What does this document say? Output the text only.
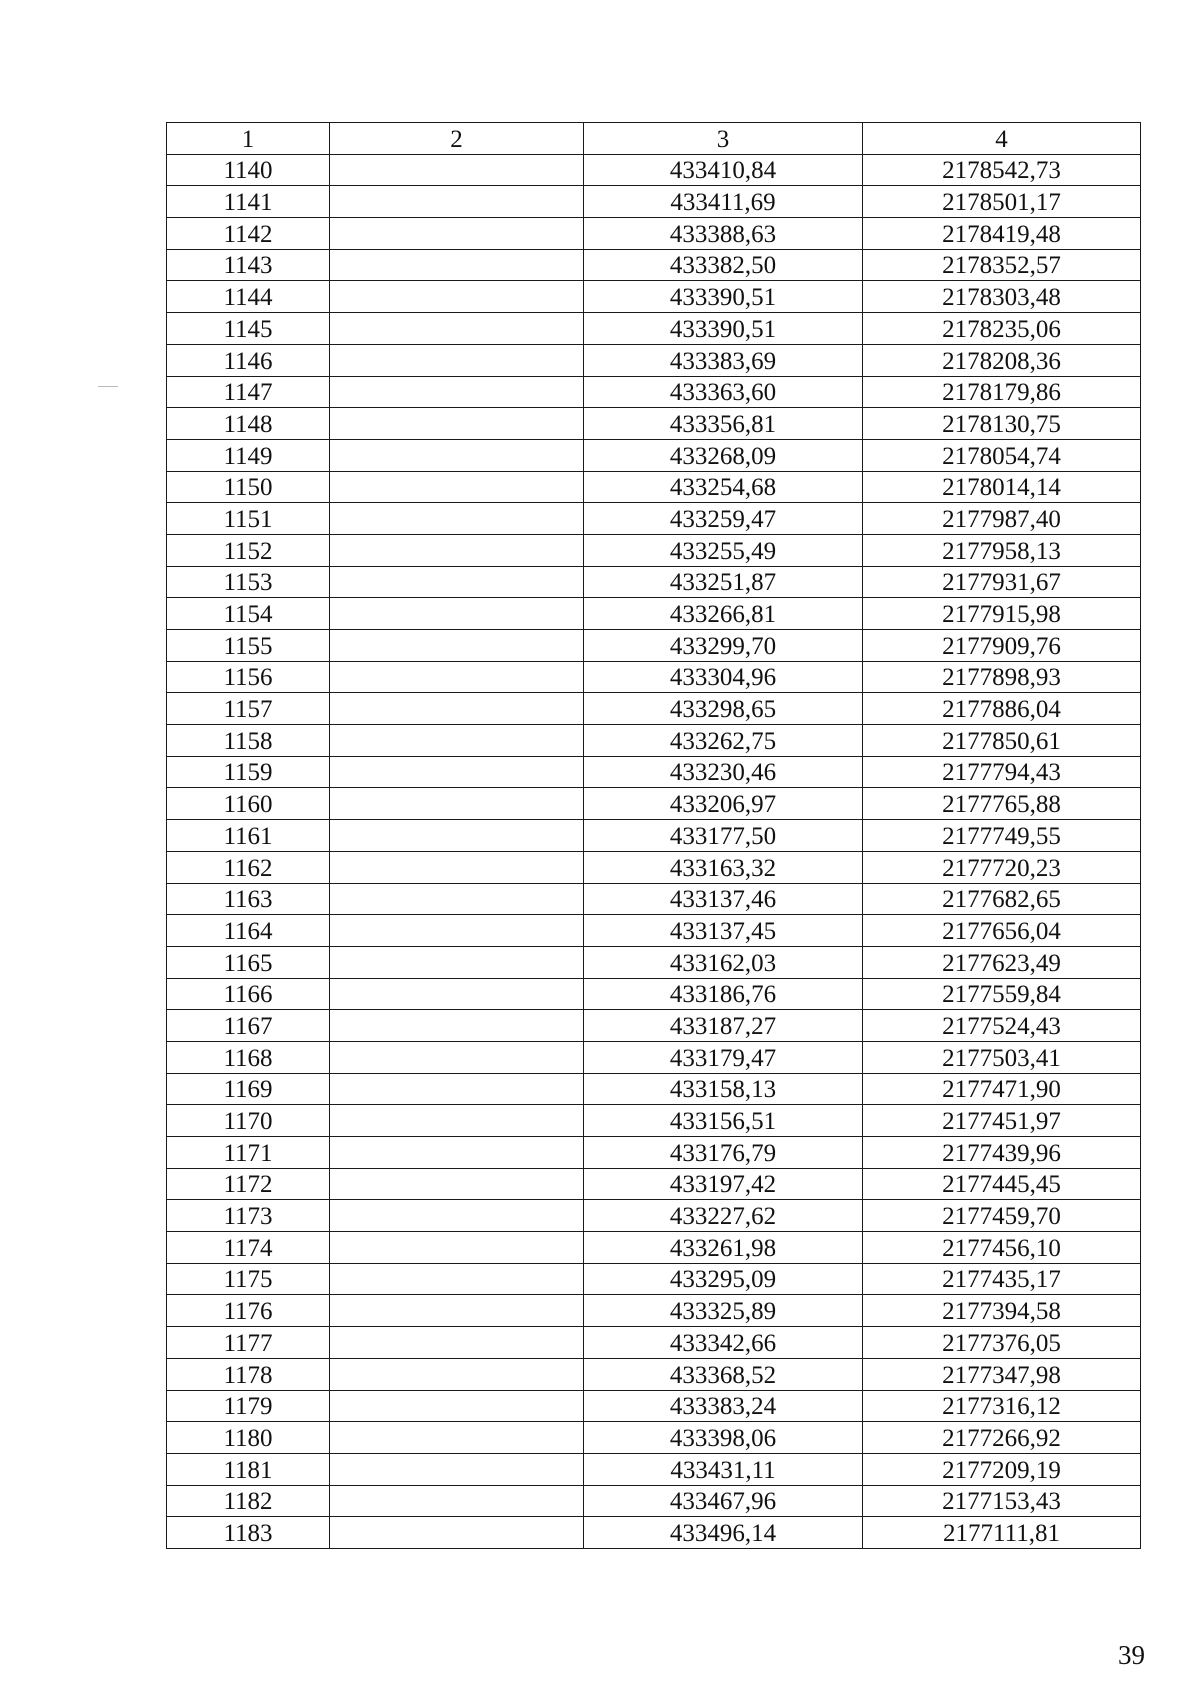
1	2	3	4
1140		433410,84	2178542,73
1141		433411,69	2178501,17
1142		433388,63	2178419,48
1143		433382,50	2178352,57
1144		433390,51	2178303,48
1145		433390,51	2178235,06
1146		433383,69	2178208,36
1147		433363,60	2178179,86
1148		433356,81	2178130,75
1149		433268,09	2178054,74
1150		433254,68	2178014,14
1151		433259,47	2177987,40
1152		433255,49	2177958,13
1153		433251,87	2177931,67
1154		433266,81	2177915,98
1155		433299,70	2177909,76
1156		433304,96	2177898,93
1157		433298,65	2177886,04
1158		433262,75	2177850,61
1159		433230,46	2177794,43
1160		433206,97	2177765,88
1161		433177,50	2177749,55
1162		433163,32	2177720,23
1163		433137,46	2177682,65
1164		433137,45	2177656,04
1165		433162,03	2177623,49
1166		433186,76	2177559,84
1167		433187,27	2177524,43
1168		433179,47	2177503,41
1169		433158,13	2177471,90
1170		433156,51	2177451,97
1171		433176,79	2177439,96
1172		433197,42	2177445,45
1173		433227,62	2177459,70
1174		433261,98	2177456,10
1175		433295,09	2177435,17
1176		433325,89	2177394,58
1177		433342,66	2177376,05
1178		433368,52	2177347,98
1179		433383,24	2177316,12
1180		433398,06	2177266,92
1181		433431,11	2177209,19
1182		433467,96	2177153,43
1183		433496,14	2177111,81
39
